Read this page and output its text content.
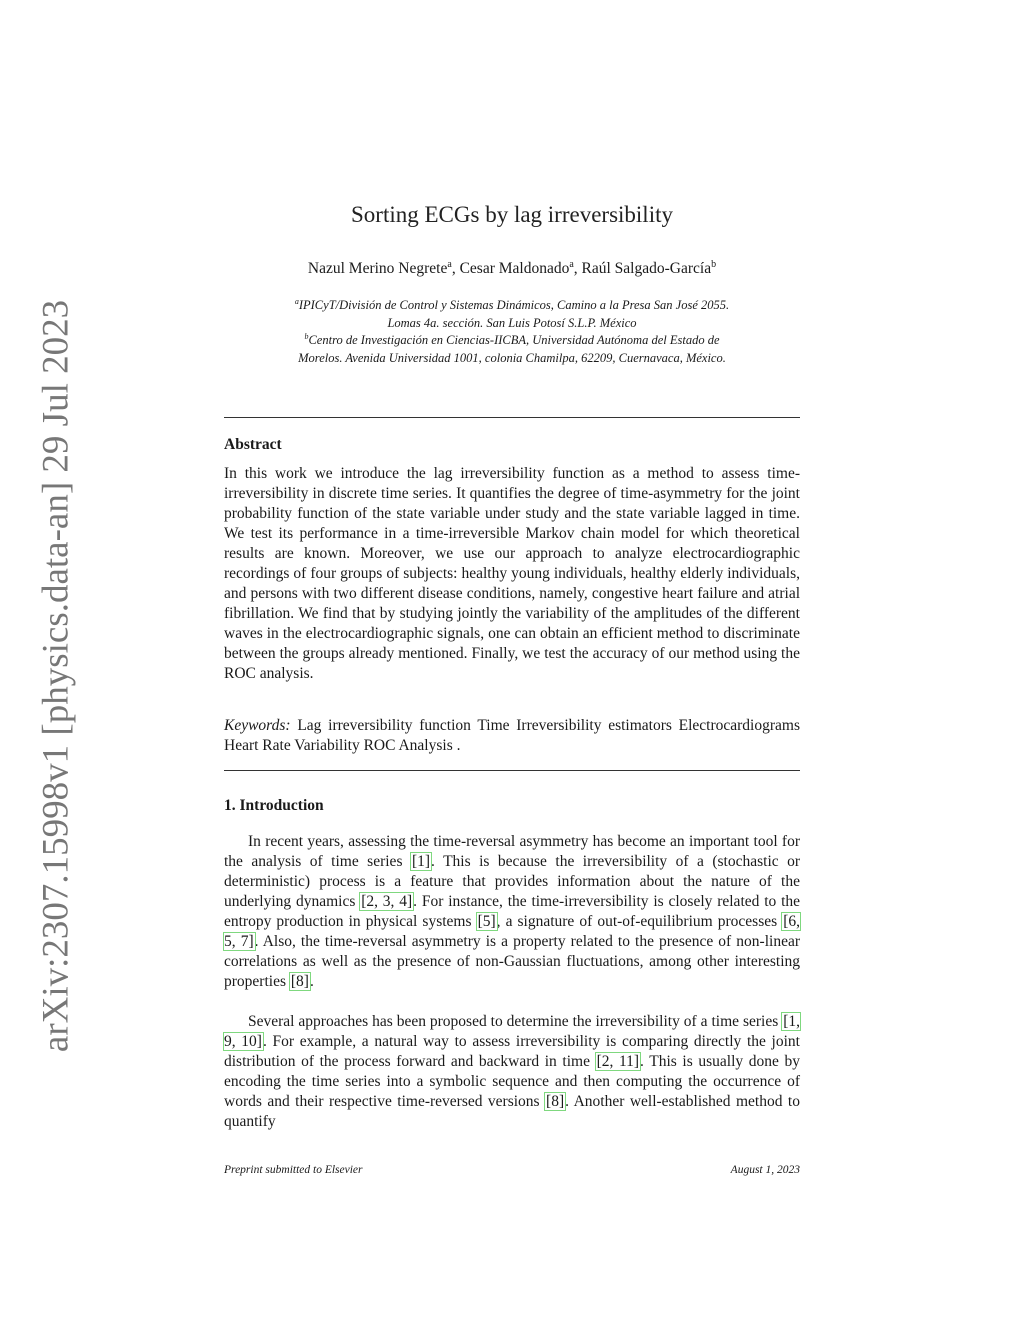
arXiv:2307.15998v1 [physics.data-an] 29 Jul 2023
Sorting ECGs by lag irreversibility
Nazul Merino Negrete$^a$, Cesar Maldonado$^a$, Raúl Salgado-García$^b$
$^a$IPICyT/División de Control y Sistemas Dinámicos, Camino a la Presa San José 2055.
Lomas 4a. sección. San Luis Potosí S.L.P. México
$^b$Centro de Investigación en Ciencias-IICBA, Universidad Autónoma del Estado de
Morelos. Avenida Universidad 1001, colonia Chamilpa, 62209, Cuernavaca, México.
Abstract

In this work we introduce the lag irreversibility function as a method to assess time-irreversibility in discrete time series. It quantifies the degree of time-asymmetry for the joint probability function of the state variable under study and the state variable lagged in time. We test its performance in a time-irreversible Markov chain model for which theoretical results are known. Moreover, we use our approach to analyze electrocardiographic recordings of four groups of subjects: healthy young individuals, healthy elderly individuals, and persons with two different disease conditions, namely, congestive heart failure and atrial fibrillation. We find that by studying jointly the variability of the amplitudes of the different waves in the electrocardiographic signals, one can obtain an efficient method to discriminate between the groups already mentioned. Finally, we test the accuracy of our method using the ROC analysis.

Keywords: Lag irreversibility function Time Irreversibility estimators Electrocardiograms Heart Rate Variability ROC Analysis .

1. Introduction

In recent years, assessing the time-reversal asymmetry has become an important tool for the analysis of time series [1]. This is because the irreversibility of a (stochastic or deterministic) process is a feature that provides information about the nature of the underlying dynamics [2, 3, 4]. For instance, the time-irreversibility is closely related to the entropy production in physical systems [5], a signature of out-of-equilibrium processes [6, 5, 7]. Also, the time-reversal asymmetry is a property related to the presence of non-linear correlations as well as the presence of non-Gaussian fluctuations, among other interesting properties [8].

Several approaches has been proposed to determine the irreversibility of a time series [1, 9, 10]. For example, a natural way to assess irreversibility is comparing directly the joint distribution of the process forward and backward in time [2, 11]. This is usually done by encoding the time series into a symbolic sequence and then computing the occurrence of words and their respective time-reversed versions [8]. Another well-established method to quantify

Preprint submitted to Elsevier	August 1, 2023
